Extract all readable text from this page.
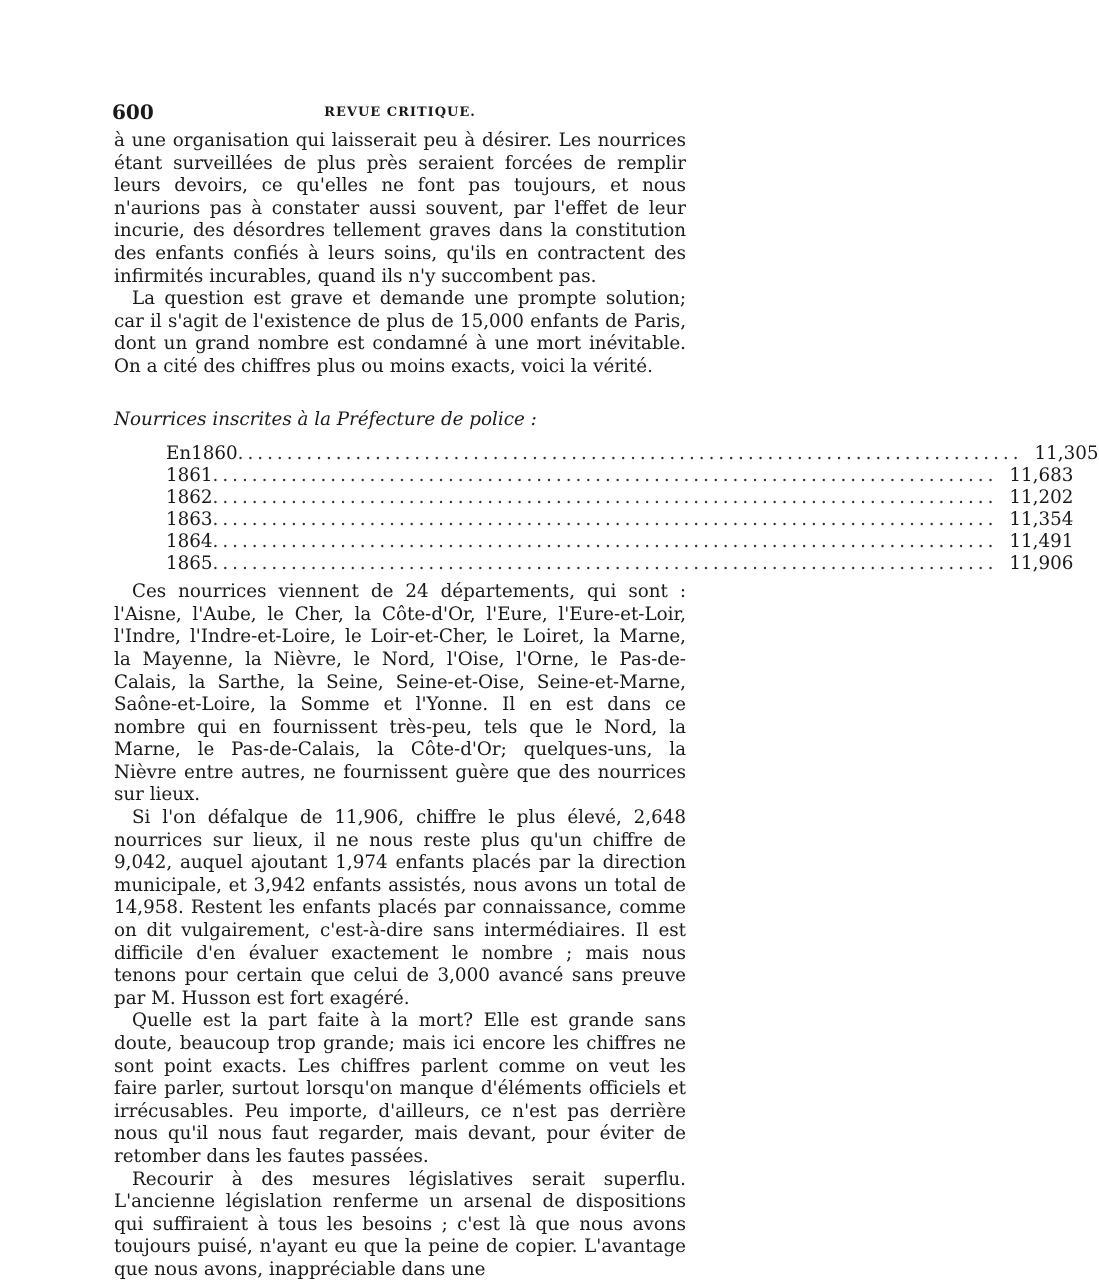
600	REVUE CRITIQUE.

à une organisation qui laisserait peu à désirer. Les nourrices étant surveillées de plus près seraient forcées de remplir leurs devoirs, ce qu'elles ne font pas toujours, et nous n'aurions pas à constater aussi souvent, par l'effet de leur incurie, des désordres tellement graves dans la constitution des enfants confiés à leurs soins, qu'ils en contractent des infirmités incurables, quand ils n'y succombent pas.

La question est grave et demande une prompte solution; car il s'agit de l'existence de plus de 15,000 enfants de Paris, dont un grand nombre est condamné à une mort inévitable. On a cité des chiffres plus ou moins exacts, voici la vérité.

Nourrices inscrites à la Préfecture de police :

En 1860 ................................................................................ 11,305
1861 ................................................................................ 11,683
1862 ................................................................................ 11,202
1863 ................................................................................ 11,354
1864 ................................................................................ 11,491
1865 ................................................................................ 11,906

Ces nourrices viennent de 24 départements, qui sont : l'Aisne, l'Aube, le Cher, la Côte-d'Or, l'Eure, l'Eure-et-Loir, l'Indre, l'Indre-et-Loire, le Loir-et-Cher, le Loiret, la Marne, la Mayenne, la Nièvre, le Nord, l'Oise, l'Orne, le Pas-de-Calais, la Sarthe, la Seine, Seine-et-Oise, Seine-et-Marne, Saône-et-Loire, la Somme et l'Yonne. Il en est dans ce nombre qui en fournissent très-peu, tels que le Nord, la Marne, le Pas-de-Calais, la Côte-d'Or; quelques-uns, la Nièvre entre autres, ne fournissent guère que des nourrices sur lieux.

Si l'on défalque de 11,906, chiffre le plus élevé, 2,648 nourrices sur lieux, il ne nous reste plus qu'un chiffre de 9,042, auquel ajoutant 1,974 enfants placés par la direction municipale, et 3,942 enfants assistés, nous avons un total de 14,958. Restent les enfants placés par connaissance, comme on dit vulgairement, c'est-à-dire sans intermédiaires. Il est difficile d'en évaluer exactement le nombre ; mais nous tenons pour certain que celui de 3,000 avancé sans preuve par M. Husson est fort exagéré.

Quelle est la part faite à la mort? Elle est grande sans doute, beaucoup trop grande; mais ici encore les chiffres ne sont point exacts. Les chiffres parlent comme on veut les faire parler, surtout lorsqu'on manque d'éléments officiels et irrécusables. Peu importe, d'ailleurs, ce n'est pas derrière nous qu'il nous faut regarder, mais devant, pour éviter de retomber dans les fautes passées.

Recourir à des mesures législatives serait superflu. L'ancienne législation renferme un arsenal de dispositions qui suffiraient à tous les besoins ; c'est là que nous avons toujours puisé, n'ayant eu que la peine de copier. L'avantage que nous avons, inappréciable dans une
